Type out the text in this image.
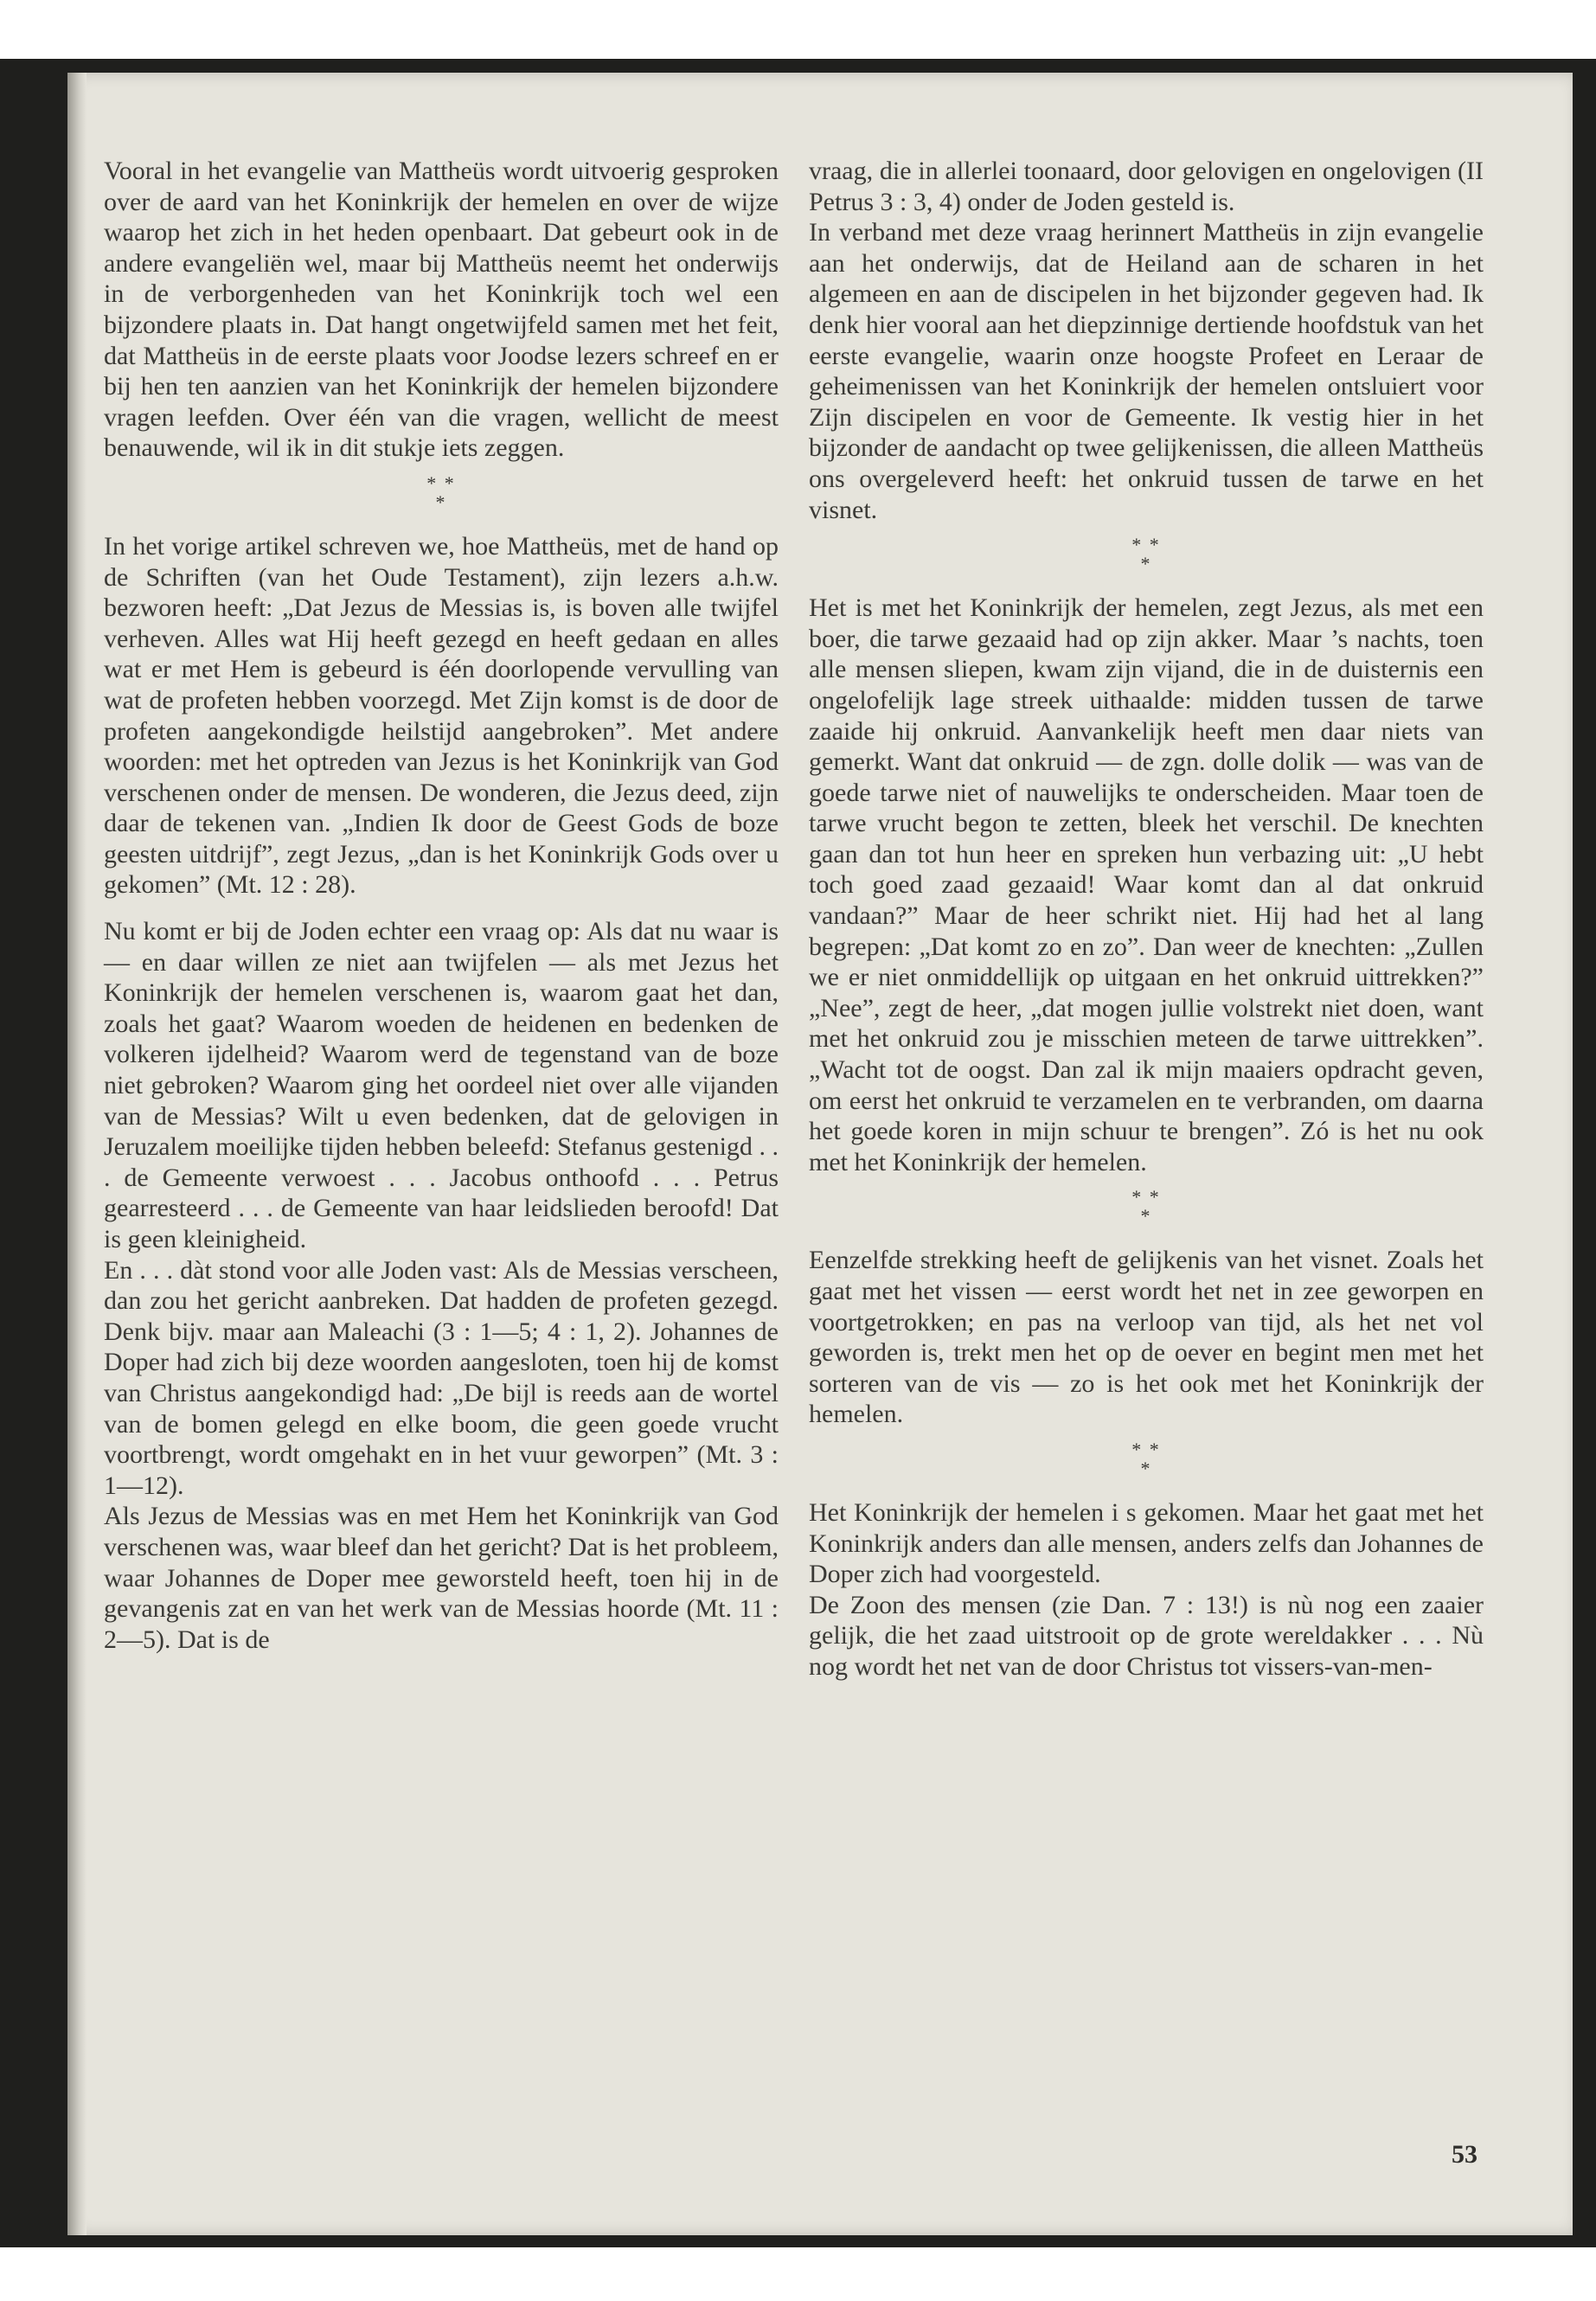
Vooral in het evangelie van Mattheüs wordt uitvoerig gesproken over de aard van het Koninkrijk der hemelen en over de wijze waarop het zich in het heden openbaart. Dat gebeurt ook in de andere evangeliën wel, maar bij Mattheüs neemt het onderwijs in de verborgenheden van het Koninkrijk toch wel een bijzondere plaats in. Dat hangt ongetwijfeld samen met het feit, dat Mattheüs in de eerste plaats voor Joodse lezers schreef en er bij hen ten aanzien van het Koninkrijk der hemelen bijzondere vragen leefden. Over één van die vragen, wellicht de meest benauwende, wil ik in dit stukje iets zeggen.

* *
*

In het vorige artikel schreven we, hoe Mattheüs, met de hand op de Schriften (van het Oude Testament), zijn lezers a.h.w. bezworen heeft: „Dat Jezus de Messias is, is boven alle twijfel verheven. Alles wat Hij heeft gezegd en heeft gedaan en alles wat er met Hem is gebeurd is één doorlopende vervulling van wat de profeten hebben voorzegd. Met Zijn komst is de door de profeten aangekondigde heilstijd aangebroken”. Met andere woorden: met het optreden van Jezus is het Koninkrijk van God verschenen onder de mensen. De wonderen, die Jezus deed, zijn daar de tekenen van. „Indien Ik door de Geest Gods de boze geesten uitdrijf”, zegt Jezus, „dan is het Koninkrijk Gods over u gekomen” (Mt. 12 : 28).

Nu komt er bij de Joden echter een vraag op: Als dat nu waar is — en daar willen ze niet aan twijfelen — als met Jezus het Koninkrijk der hemelen verschenen is, waarom gaat het dan, zoals het gaat? Waarom woeden de heidenen en bedenken de volkeren ijdelheid? Waarom werd de tegenstand van de boze niet gebroken? Waarom ging het oordeel niet over alle vijanden van de Messias? Wilt u even bedenken, dat de gelovigen in Jeruzalem moeilijke tijden hebben beleefd: Stefanus gestenigd . . . de Gemeente verwoest . . . Jacobus onthoofd . . . Petrus gearresteerd . . . de Gemeente van haar leidslieden beroofd! Dat is geen kleinigheid.

En . . . dàt stond voor alle Joden vast: Als de Messias verscheen, dan zou het gericht aanbreken. Dat hadden de profeten gezegd. Denk bijv. maar aan Maleachi (3 : 1—5; 4 : 1, 2). Johannes de Doper had zich bij deze woorden aangesloten, toen hij de komst van Christus aangekondigd had: „De bijl is reeds aan de wortel van de bomen gelegd en elke boom, die geen goede vrucht voortbrengt, wordt omgehakt en in het vuur geworpen” (Mt. 3 : 1—12).

Als Jezus de Messias was en met Hem het Koninkrijk van God verschenen was, waar bleef dan het gericht? Dat is het probleem, waar Johannes de Doper mee geworsteld heeft, toen hij in de gevangenis zat en van het werk van de Messias hoorde (Mt. 11 : 2—5). Dat is de

vraag, die in allerlei toonaard, door gelovigen en ongelovigen (II Petrus 3 : 3, 4) onder de Joden gesteld is.

In verband met deze vraag herinnert Mattheüs in zijn evangelie aan het onderwijs, dat de Heiland aan de scharen in het algemeen en aan de discipelen in het bijzonder gegeven had. Ik denk hier vooral aan het diepzinnige dertiende hoofdstuk van het eerste evangelie, waarin onze hoogste Profeet en Leraar de geheimenissen van het Koninkrijk der hemelen ontsluiert voor Zijn discipelen en voor de Gemeente. Ik vestig hier in het bijzonder de aandacht op twee gelijkenissen, die alleen Mattheüs ons overgeleverd heeft: het onkruid tussen de tarwe en het visnet.

* *
*

Het is met het Koninkrijk der hemelen, zegt Jezus, als met een boer, die tarwe gezaaid had op zijn akker. Maar ’s nachts, toen alle mensen sliepen, kwam zijn vijand, die in de duisternis een ongelofelijk lage streek uithaalde: midden tussen de tarwe zaaide hij onkruid. Aanvankelijk heeft men daar niets van gemerkt. Want dat onkruid — de zgn. dolle dolik — was van de goede tarwe niet of nauwelijks te onderscheiden. Maar toen de tarwe vrucht begon te zetten, bleek het verschil. De knechten gaan dan tot hun heer en spreken hun verbazing uit: „U hebt toch goed zaad gezaaid! Waar komt dan al dat onkruid vandaan?” Maar de heer schrikt niet. Hij had het al lang begrepen: „Dat komt zo en zo”. Dan weer de knechten: „Zullen we er niet onmiddellijk op uitgaan en het onkruid uittrekken?” „Nee”, zegt de heer, „dat mogen jullie volstrekt niet doen, want met het onkruid zou je misschien meteen de tarwe uittrekken”. „Wacht tot de oogst. Dan zal ik mijn maaiers opdracht geven, om eerst het onkruid te verzamelen en te verbranden, om daarna het goede koren in mijn schuur te brengen”. Zó is het nu ook met het Koninkrijk der hemelen.

* *
*

Eenzelfde strekking heeft de gelijkenis van het visnet. Zoals het gaat met het vissen — eerst wordt het net in zee geworpen en voortgetrokken; en pas na verloop van tijd, als het net vol geworden is, trekt men het op de oever en begint men met het sorteren van de vis — zo is het ook met het Koninkrijk der hemelen.

* *
*

Het Koninkrijk der hemelen i s gekomen. Maar het gaat met het Koninkrijk anders dan alle mensen, anders zelfs dan Johannes de Doper zich had voorgesteld.

De Zoon des mensen (zie Dan. 7 : 13!) is nù nog een zaaier gelijk, die het zaad uitstrooit op de grote wereldakker . . . Nù nog wordt het net van de door Christus tot vissers-van-men-

53
